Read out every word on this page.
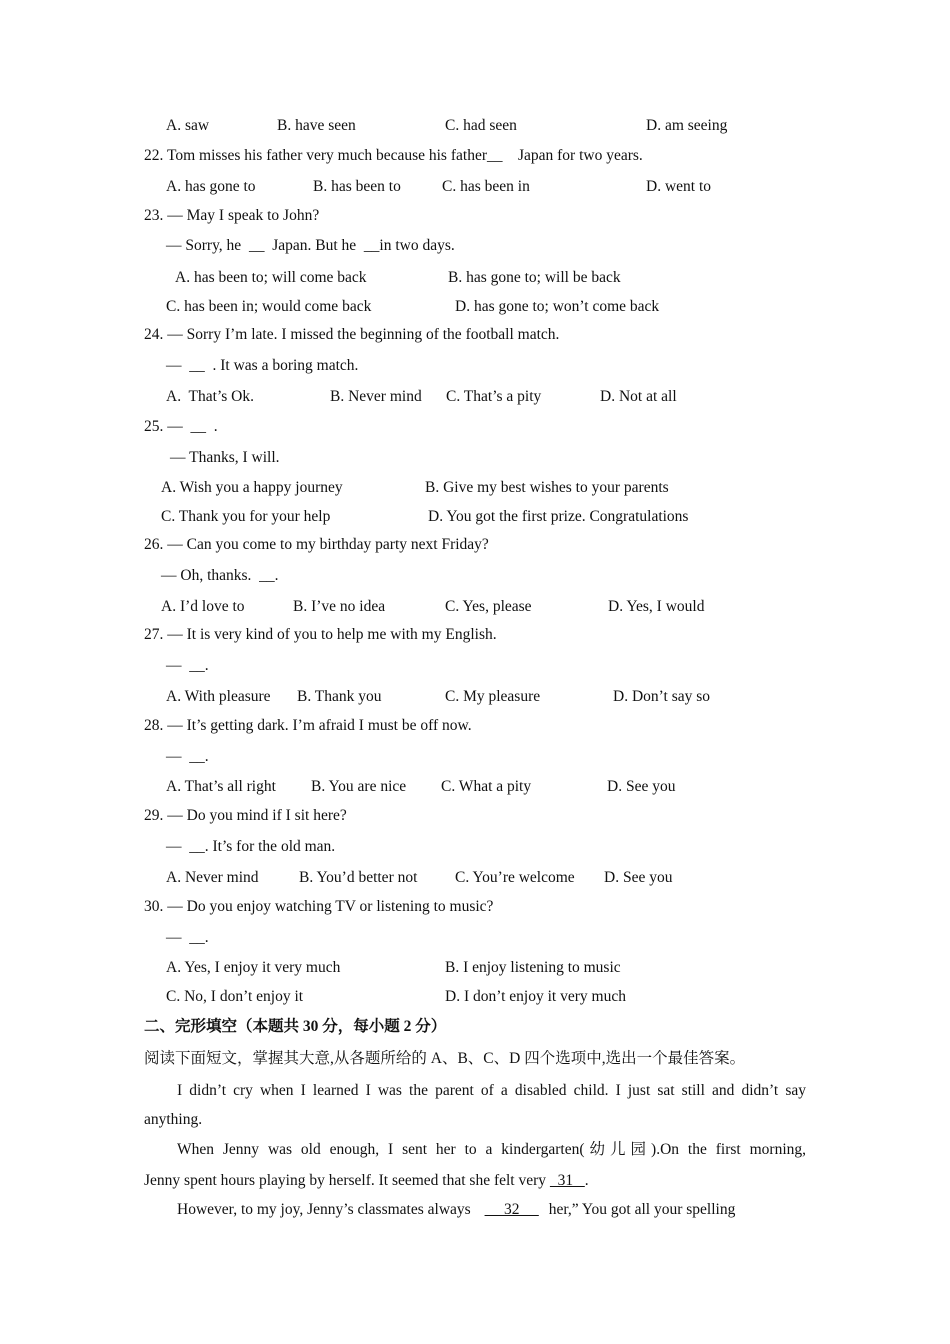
A. saw	B. have seen	C. had seen	D. am seeing
22. Tom misses his father very much because his father__    Japan for two years.
A. has gone to	B. has been to	C. has been in	D. went to
23. — May I speak to John?
— Sorry, he  __  Japan. But he  __in two days.
A. has been to; will come back	B. has gone to; will be back
C. has been in; would come back	D. has gone to; won’t come back
24. — Sorry I’m late. I missed the beginning of the football match.
—  __  . It was a boring match.
A.  That’s Ok.	B. Never mind C. That’s a pity	D. Not at all
25. —  __  .
— Thanks, I will.
A. Wish you a happy journey	B. Give my best wishes to your parents
C. Thank you for your help	D. You got the first prize. Congratulations
26. — Can you come to my birthday party next Friday?
— Oh, thanks.  __.
A. I’d love to	B. I’ve no idea	C. Yes, please	D. Yes, I would
27. — It is very kind of you to help me with my English.
—  __.
A. With pleasure B. Thank you	C. My pleasure	D. Don’t say so
28. — It’s getting dark. I’m afraid I must be off now.
—  __.
A. That’s all right B. You are nice C. What a pity	D. See you
29. — Do you mind if I sit here?
—  __. It’s for the old man.
A. Never mind	B. You’d better not C. You’re welcome D. See you
30. — Do you enjoy watching TV or listening to music?
—  __.
A. Yes, I enjoy it very much	B. I enjoy listening to music
C. No, I don’t enjoy it	D. I don’t enjoy it very much
二、完形填空（本题共 30 分，每小题 2 分）
阅读下面短文，掌握其大意,从各题所给的 A、B、C、D 四个选项中,选出一个最佳答案。
I didn’t cry when I learned I was the parent of a disabled child. I just sat still and didn’t say
anything.
When Jenny was old enough, I sent her to a kindergarten(幼儿园).On the first morning,
Jenny spent hours playing by herself. It seemed that she felt very   31   .
However, to my joy, Jenny’s classmates always      32      her,” You got all your spelling
